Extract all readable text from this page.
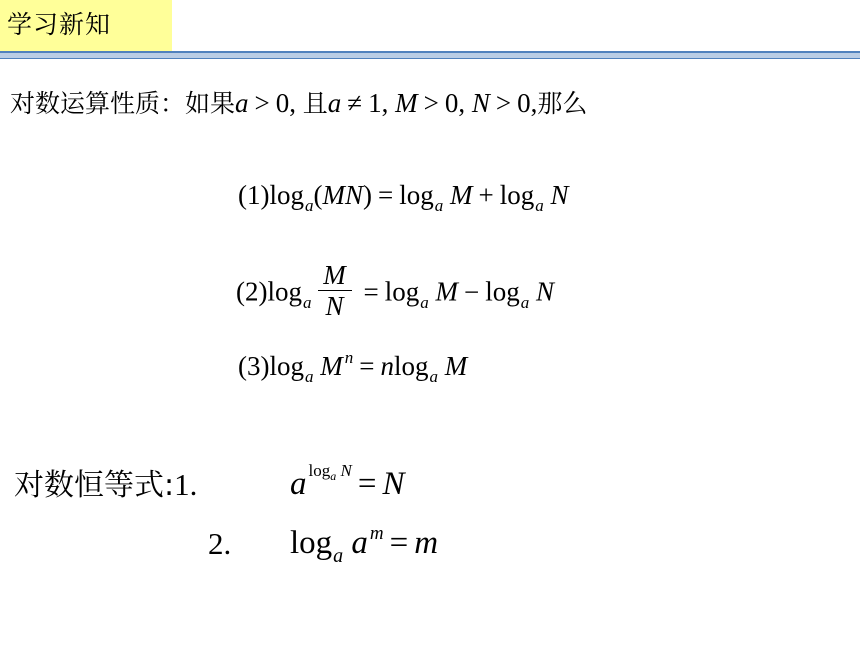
学习新知
对数运算性质：如果a > 0, 且a ≠ 1, M > 0, N > 0,那么
$(1)\log_a(MN) = \log_a M + \log_a N$
$(2)\log_a \frac{M}{N} = \log_a M - \log_a N$
$(3)\log_a$ M $^n$ = nlog$_a$ M
对数恒等式:1.	a $^{log_a N}$ = N
2. $\log_a a$ $^m$ = m
